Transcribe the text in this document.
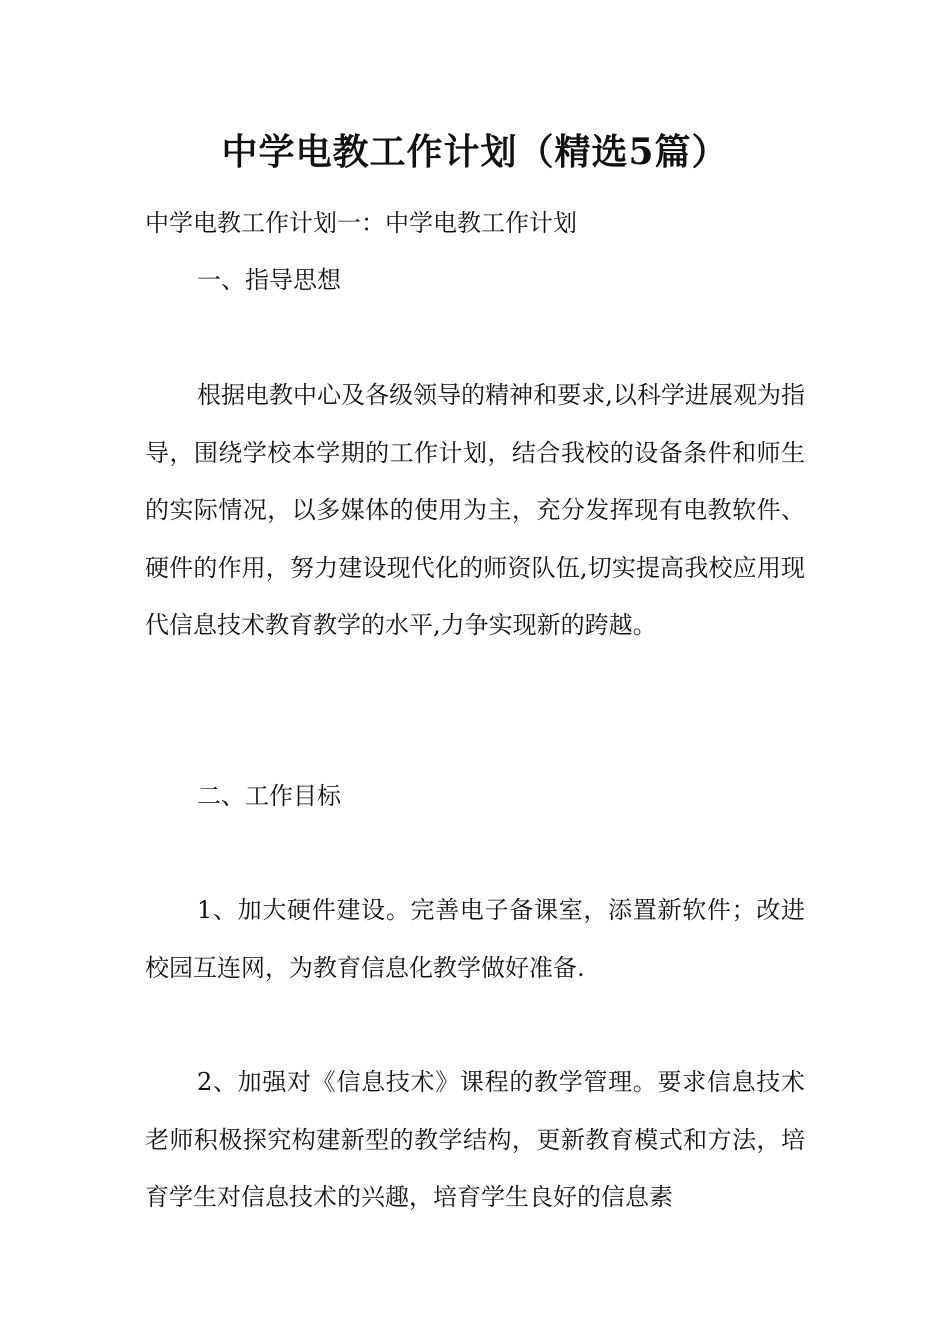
中学电教工作计划（精选5篇）

中学电教工作计划一：中学电教工作计划

一、指导思想

根据电教中心及各级领导的精神和要求,以科学进展观为指导，围绕学校本学期的工作计划，结合我校的设备条件和师生的实际情况，以多媒体的使用为主，充分发挥现有电教软件、硬件的作用，努力建设现代化的师资队伍,切实提高我校应用现代信息技术教育教学的水平,力争实现新的跨越。

二、工作目标

1、加大硬件建设。完善电子备课室，添置新软件；改进校园互连网，为教育信息化教学做好准备.

2、加强对《信息技术》课程的教学管理。要求信息技术老师积极探究构建新型的教学结构，更新教育模式和方法，培育学生对信息技术的兴趣，培育学生良好的信息素
